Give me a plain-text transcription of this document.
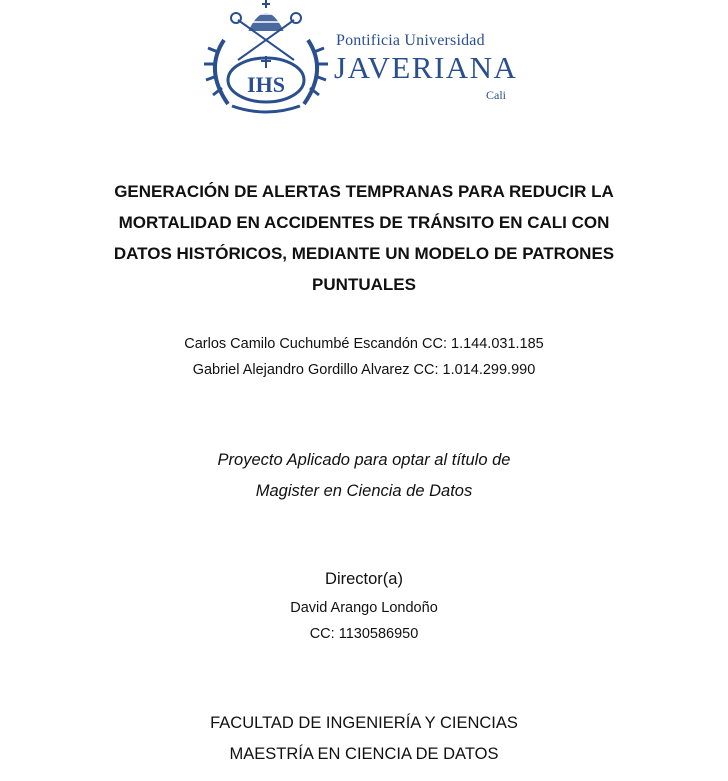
IHS
Pontificia Universidad
JAVERIANA
Cali
GENERACIÓN DE ALERTAS TEMPRANAS PARA REDUCIR LA
MORTALIDAD EN ACCIDENTES DE TRÁNSITO EN CALI CON
DATOS HISTÓRICOS, MEDIANTE UN MODELO DE PATRONES
PUNTUALES
Carlos Camilo Cuchumbé Escandón CC: 1.144.031.185
Gabriel Alejandro Gordillo Alvarez CC: 1.014.299.990
Proyecto Aplicado para optar al título de
Magister en Ciencia de Datos
Director(a)
David Arango Londoño
CC: 1130586950
FACULTAD DE INGENIERÍA Y CIENCIAS
MAESTRÍA EN CIENCIA DE DATOS
